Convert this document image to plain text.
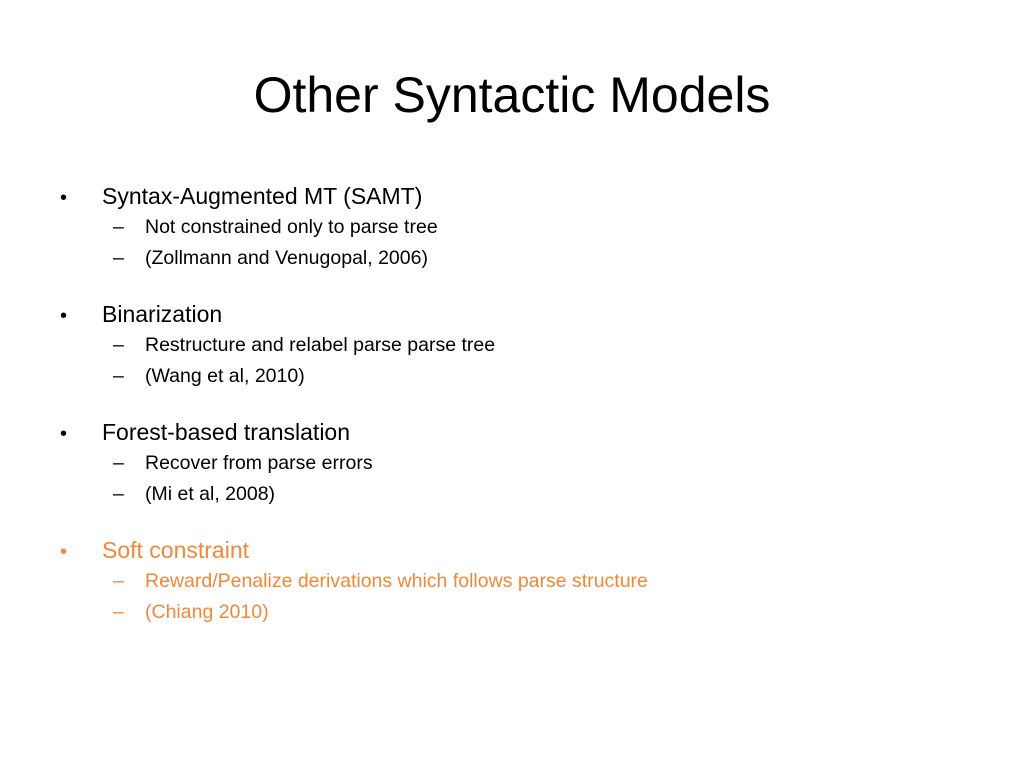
Other Syntactic Models
•	Syntax-Augmented MT (SAMT)
–	Not constrained only to parse tree
–	(Zollmann and Venugopal, 2006)
•	Binarization
–	Restructure and relabel parse parse tree
–	(Wang et al, 2010)
•	Forest-based translation
–	Recover from parse errors
–	(Mi et al, 2008)
•	Soft constraint
–	Reward/Penalize derivations which follows parse structure
–	(Chiang 2010)
